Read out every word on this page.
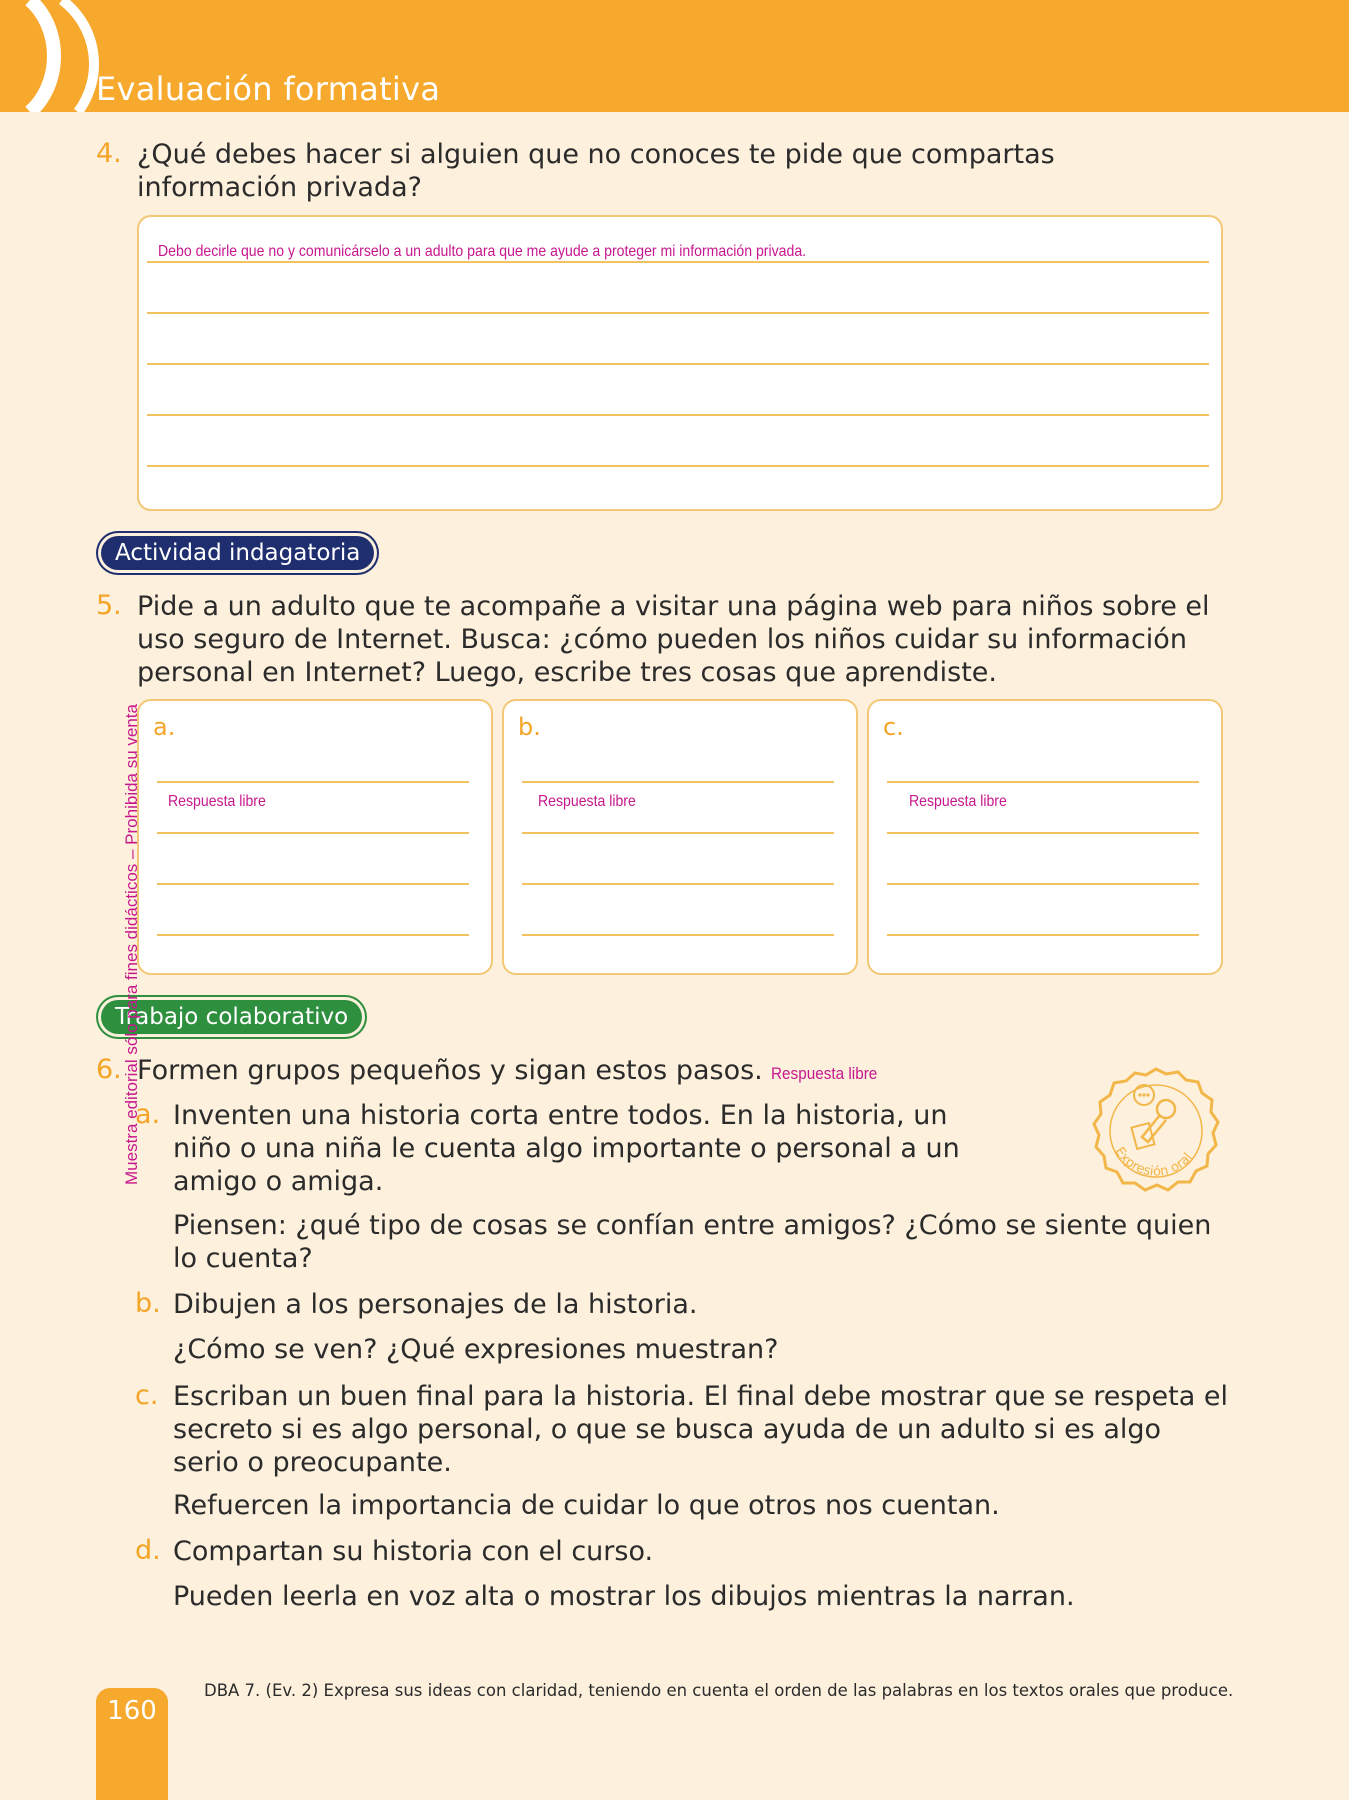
Evaluación formativa
4. ¿Qué debes hacer si alguien que no conoces te pide que compartas información privada?
Debo decirle que no y comunicárselo a un adulto para que me ayude a proteger mi información privada.
Actividad indagatoria
5. Pide a un adulto que te acompañe a visitar una página web para niños sobre el uso seguro de Internet. Busca: ¿cómo pueden los niños cuidar su información personal en Internet? Luego, escribe tres cosas que aprendiste.
a.
Respuesta libre
b.
Respuesta libre
c.
Respuesta libre
Trabajo colaborativo
6. Formen grupos pequeños y sigan estos pasos. Respuesta libre
a. Inventen una historia corta entre todos. En la historia, un niño o una niña le cuenta algo importante o personal a un amigo o amiga.
Piensen: ¿qué tipo de cosas se confían entre amigos? ¿Cómo se siente quien lo cuenta?
b. Dibujen a los personajes de la historia.
¿Cómo se ven? ¿Qué expresiones muestran?
c. Escriban un buen final para la historia. El final debe mostrar que se respeta el secreto si es algo personal, o que se busca ayuda de un adulto si es algo serio o preocupante.
Refuercen la importancia de cuidar lo que otros nos cuentan.
d. Compartan su historia con el curso.
Pueden leerla en voz alta o mostrar los dibujos mientras la narran.
Expresión oral
Muestra editorial sólo para fines didácticos – Prohibida su venta
160
DBA 7. (Ev. 2) Expresa sus ideas con claridad, teniendo en cuenta el orden de las palabras en los textos orales que produce.
